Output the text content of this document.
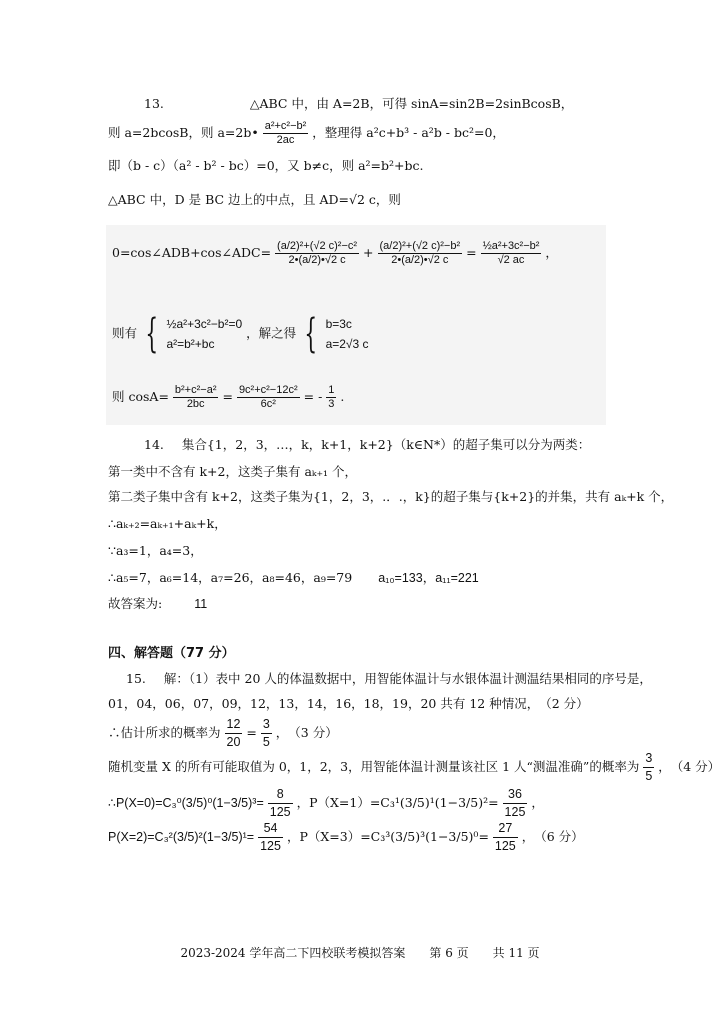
13.	△ABC 中，由 A=2B，可得 sinA=sin2B=2sinBcosB，
则 a=2bcosB，则 a=2b• $\frac{\text{a²+c²−b²}}{2ac}$ ，整理得 a²c+b³ - a²b - bc²=0，
即（b - c）（a² - b² - bc）=0，又 b≠c，则 a²=b²+bc.
△ABC 中，D 是 BC 边上的中点，且 AD=√2 c，则
0=cos∠ADB+cos∠ADC= $\frac{\text{(a/2)²+(√2 c)²−c²}}{2•(a/2)•√2 c} + \frac{\text{(a/2)²+(√2 c)²−b²}}{2•(a/2)•√2 c} = \frac{\text{½a²+3c²−b²}}{√2 ac}$ ，
则有 { ½a²+3c²−b²=0
a²=b²+bc
，解之得 { b=3c
a=2√3 c
则 $\cos A= \frac{\text{b²+c²−a²}}{2bc} = \frac{\text{9c²+c²−12c²}}{\text{6c²}}$ = - $\frac{1}{3}$ .
14. 集合{1，2，3，…，k，k+1，k+2}（k∈N*）的超子集可以分为两类：
第一类中不含有 k+2，这类子集有 aₖ₊₁ 个，
第二类子集中含有 k+2，这类子集为{1，2，3，.．.，k}的超子集与{k+2}的并集，共有 aₖ+k 个，
∴aₖ₊₂=aₖ₊₁+aₖ+k，
∵a₃=1，a₄=3，
∴a₅=7，a₆=14，a₇=26，a₈=46，a₉=79 a₁₀=133，a₁₁=221
故答案为:	11
四、解答题（77 分）
15. 解：（1）表中 20 人的体温数据中，用智能体温计与水银体温计测温结果相同的序号是，
01，04，06，07，09，12，13，14，16，18，19，20 共有 12 种情况，　（2 分）
∴估计所求的概率为 $\frac{12}{20} = \frac{3}{5}$ ，　（3 分）
随机变量 X 的所有可能取值为 0，1，2，3，用智能体温计测量该社区 1 人“测温准确”的概率为 $\frac{3}{5}$ ，　（4 分）
∴P(X=0)=C₃⁰(3/5)⁰(1−3/5)³= $\frac{8}{125}$ ，$P(X=1)=C_3^1(3/5)^1(1-3/5)^2= \frac{36}{125}$ ，
$P(X=2)=C_3^2(3/5)^2(1-3/5)^1= \frac{54}{125}$ ，$P(X=3)=C_3^3(3/5)^3(1-3/5)^0= \frac{27}{125}$ ，　（6 分）
2023-2024 学年高二下四校联考模拟答案　　第 6 页　　共 11 页
